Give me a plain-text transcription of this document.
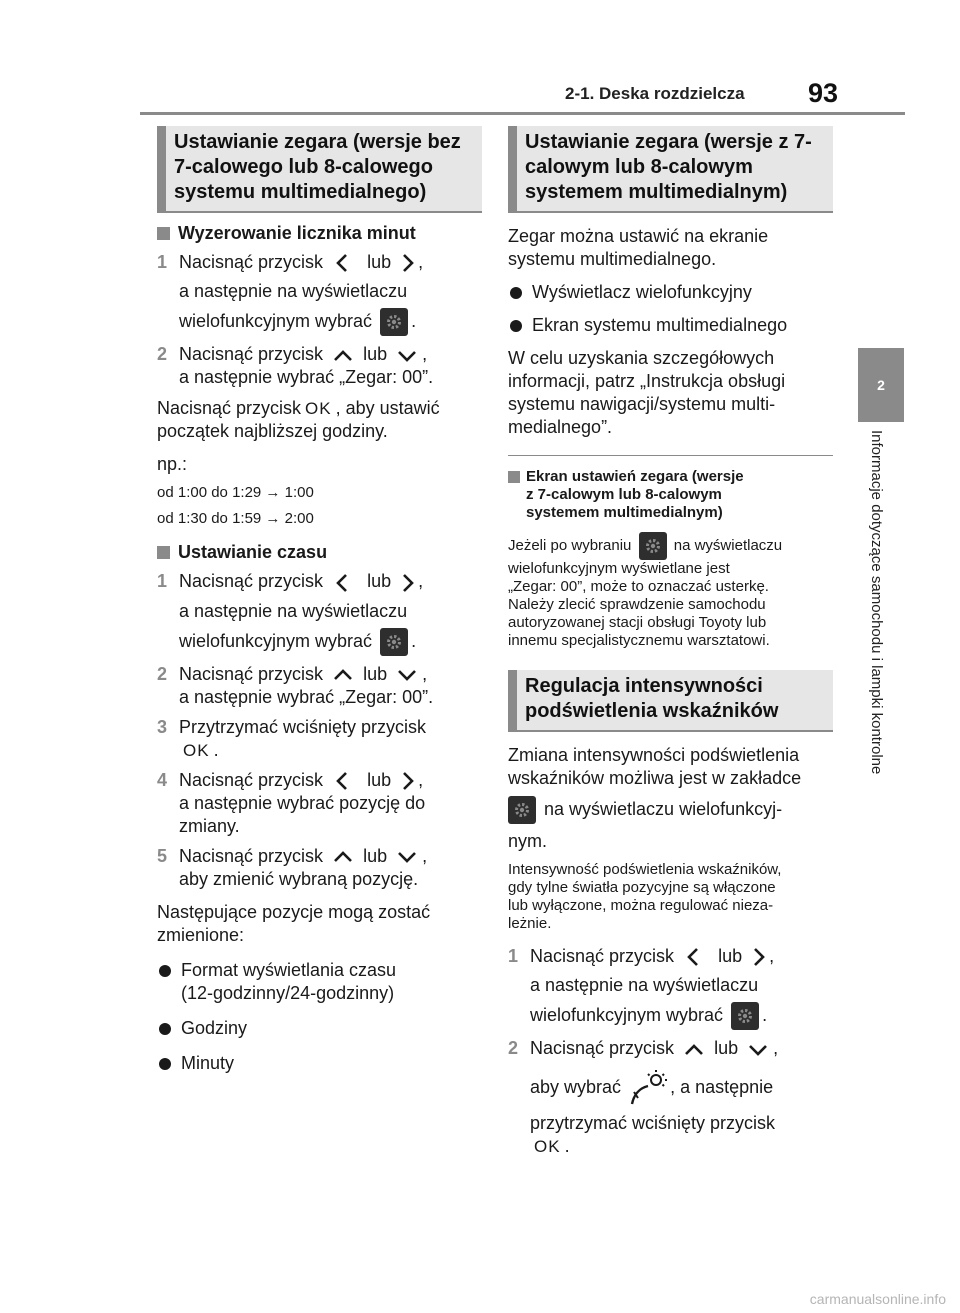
2-1. Deska rozdzielcza 93
2
Informacje dotyczące samochodu i lampki kontrolne
Ustawianie zegara (wersje bez 7-calowego lub 8-calowego systemu multimedialnego)
Wyzerowanie licznika minut
1 Nacisnąć przycisk lub ,
a następnie na wyświetlaczu
wielofunkcyjnym wybrać .
2 Nacisnąć przycisk lub ,
a następnie wybrać „Zegar: 00”.
Nacisnąć przycisk OK , aby ustawić
początek najbliższej godziny.
np.:
od 1:00 do 1:29 → 1:00
od 1:30 do 1:59 → 2:00
Ustawianie czasu
1 Nacisnąć przycisk lub ,
a następnie na wyświetlaczu
wielofunkcyjnym wybrać .
2 Nacisnąć przycisk lub ,
a następnie wybrać „Zegar: 00”.
3 Przytrzymać wciśnięty przycisk
OK .
4 Nacisnąć przycisk lub ,
a następnie wybrać pozycję do
zmiany.
5 Nacisnąć przycisk lub ,
aby zmienić wybraną pozycję.
Następujące pozycje mogą zostać
zmienione:
Format wyświetlania czasu
(12-godzinny/24-godzinny)
Godziny
Minuty
Ustawianie zegara (wersje z 7-calowym lub 8-calowym systemem multimedialnym)
Zegar można ustawić na ekranie
systemu multimedialnego.
Wyświetlacz wielofunkcyjny
Ekran systemu multimedialnego
W celu uzyskania szczegółowych
informacji, patrz „Instrukcja obsługi
systemu nawigacji/systemu multi-
medialnego”.
Ekran ustawień zegara (wersje
z 7-calowym lub 8-calowym
systemem multimedialnym)
Jeżeli po wybraniu	na wyświetlaczu
wielofunkcyjnym wyświetlane jest
„Zegar: 00”, może to oznaczać usterkę.
Należy zlecić sprawdzenie samochodu
autoryzowanej stacji obsługi Toyoty lub
innemu specjalistycznemu warsztatowi.
Regulacja intensywności podświetlenia wskaźników
Zmiana intensywności podświetlenia
wskaźników możliwa jest w zakładce
na wyświetlaczu wielofunkcyj-
nym.
Intensywność podświetlenia wskaźników,
gdy tylne światła pozycyjne są włączone
lub wyłączone, można regulować nieza-
leżnie.
1 Nacisnąć przycisk lub ,
a następnie na wyświetlaczu
wielofunkcyjnym wybrać .
2 Nacisnąć przycisk lub ,
aby wybrać	, a następnie
przytrzymać wciśnięty przycisk
OK .
carmanualsonline.info
